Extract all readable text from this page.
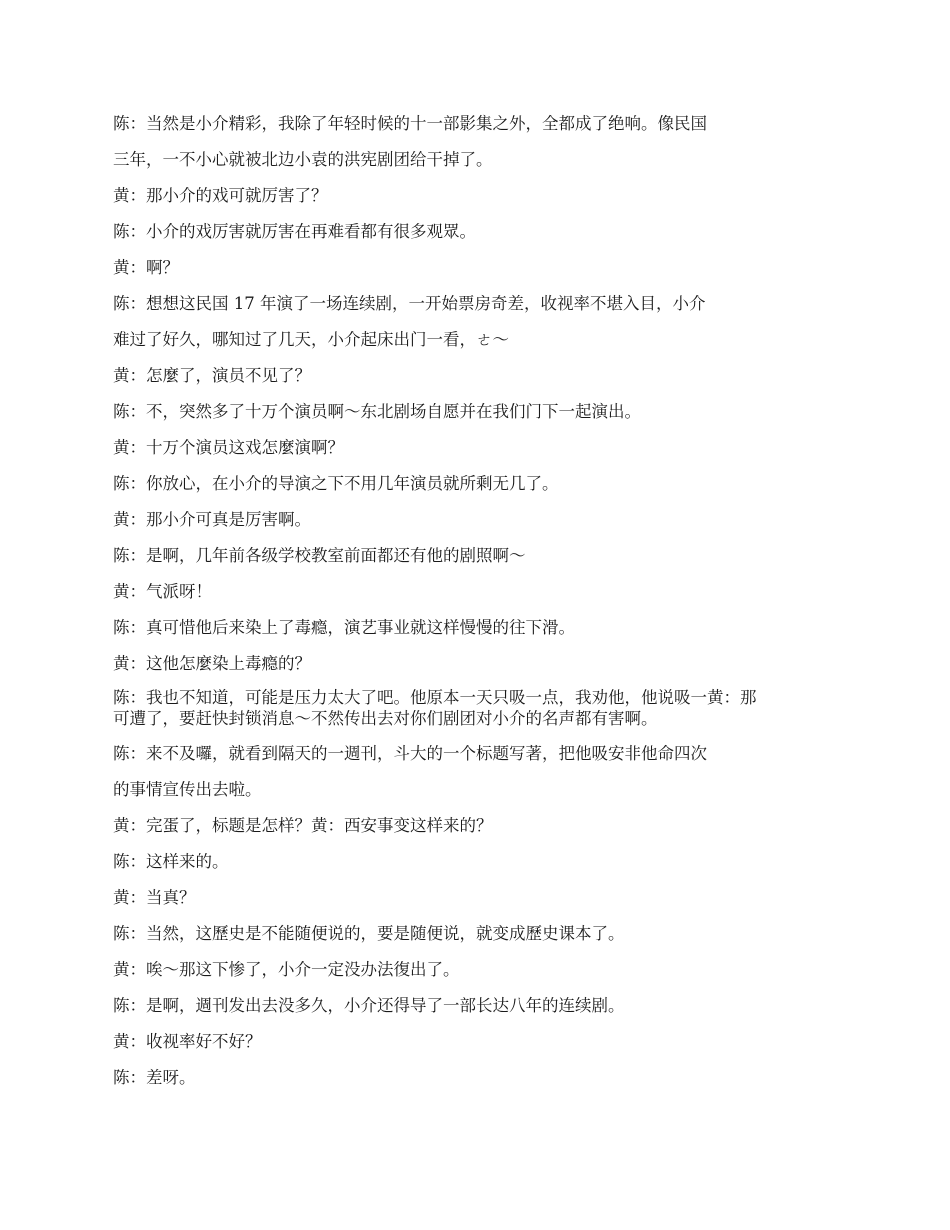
陈：当然是小介精彩，我除了年轻时候的十一部影集之外，全都成了绝响。像民国

三年，一不小心就被北边小袁的洪宪剧团给干掉了。

黄：那小介的戏可就厉害了？

陈：小介的戏厉害就厉害在再难看都有很多观眾。

黄：啊？

陈：想想这民国 17 年演了一场连续剧，一开始票房奇差，收视率不堪入目，小介

难过了好久，哪知过了几天，小介起床出门一看，ㄜ～

黄：怎麼了，演员不见了？

陈：不，突然多了十万个演员啊～东北剧场自愿并在我们门下一起演出。

黄：十万个演员这戏怎麼演啊？

陈：你放心，在小介的导演之下不用几年演员就所剩无几了。

黄：那小介可真是厉害啊。

陈：是啊，几年前各级学校教室前面都还有他的剧照啊～

黄：气派呀！

陈：真可惜他后来染上了毒瘾，演艺事业就这样慢慢的往下滑。

黄：这他怎麼染上毒瘾的？

陈：我也不知道，可能是压力太大了吧。他原本一天只吸一点，我劝他，他说吸一黄：那

可遭了，要赶快封锁消息～不然传出去对你们剧团对小介的名声都有害啊。

陈：来不及囉，就看到隔天的一週刊，斗大的一个标题写著，把他吸安非他命四次

的事情宣传出去啦。

黄：完蛋了，标题是怎样？黄：西安事变这样来的？

陈：这样来的。

黄：当真？

陈：当然，这歷史是不能随便说的，要是随便说，就变成歷史课本了。

黄：唉～那这下惨了，小介一定没办法復出了。

陈：是啊，週刊发出去没多久，小介还得导了一部长达八年的连续剧。

黄：收视率好不好？

陈：差呀。
